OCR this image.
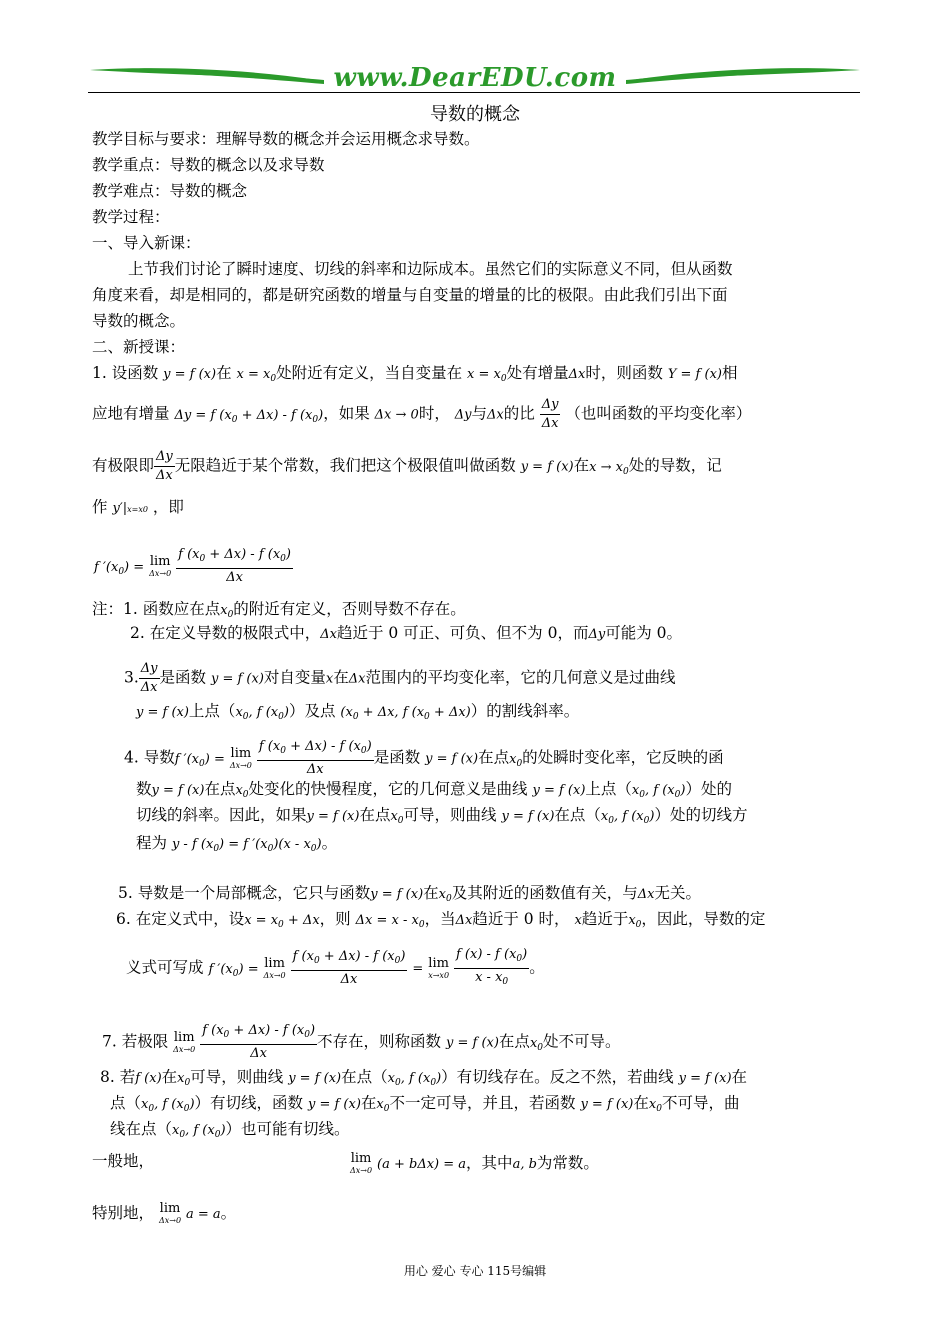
www.DearEDU.com
导数的概念
教学目标与要求：理解导数的概念并会运用概念求导数。
教学重点：导数的概念以及求导数
教学难点：导数的概念
教学过程：
一、导入新课：
上节我们讨论了瞬时速度、切线的斜率和边际成本。虽然它们的实际意义不同，但从函数
角度来看，却是相同的，都是研究函数的增量与自变量的增量的比的极限。由此我们引出下面
导数的概念。
二、新授课：
1. 设函数 y = f (x)在 $x = x_0$处附近有定义，当自变量在 $x = x_0$处有增量Δx时，则函数 Y = f (x)相
应地有增量 Δy = f $(x_0 + \Delta x) - f$ $(x_0)$，如果 Δx → 0时， Δy与Δx的比 $\frac{\Delta y}{\Delta x}$ （也叫函数的平均变化率）
有极限即 $\frac{\Delta y}{\Delta x}$ 无限趋近于某个常数，我们把这个极限值叫做函数 y = f (x)在$x \to x_0$处的导数，记
作 y′|x=x0 ，即
f $'(x_0) = \lim$
Δx→0
$\frac{f (x_0 + \Delta x) - f (x_0)}{\Delta x}$
注：1. 函数应在点$x_0$的附近有定义，否则导数不存在。
2. 在定义导数的极限式中，Δx趋近于 0 可正、可负、但不为 0，而Δy可能为 0。
3. $\frac{\Delta y}{\Delta x}$ 是函数 y = f (x)对自变量x在Δx范围内的平均变化率，它的几何意义是过曲线
y = f (x)上点（$x_0$, f $(x_0)$）及点 ($x_0 + \Delta x$, f $(x_0 + \Delta x)$）的割线斜率。
4. 导数f $'(x_0) = \lim$
Δx→0
$\frac{f (x_0 + \Delta x) - f (x_0)}{\Delta x}$ 是函数 y = f (x)在点$x_0$的处瞬时变化率，它反映的函
数y = f (x)在点$x_0$处变化的快慢程度，它的几何意义是曲线 y = f (x)上点（$x_0$, f $(x_0)$）处的
切线的斜率。因此，如果y = f (x)在点$x_0$可导，则曲线 y = f (x)在点（$x_0$, f $(x_0)$）处的切线方
程为 y - f $(x_0) = f$ $'(x_0)(x - x_0)$。
5. 导数是一个局部概念，它只与函数y = f (x)在$x_0$及其附近的函数值有关，与Δx无关。
6. 在定义式中，设$x = x_0 + \Delta x$，则 $\Delta x = x - x_0$，当Δx趋近于 0 时， x趋近于$x_0$，因此，导数的定
义式可写成 f $'(x_0) = \lim$
Δx→0
$\frac{f (x_0 + \Delta x) - f (x_0)}{\Delta x} = \lim$
x→x0
$\frac{f (x) - f (x_0)}{x - x_0}$ 。
7. 若极限 lim
Δx→0
$\frac{f (x_0 + \Delta x) - f (x_0)}{\Delta x}$ 不存在，则称函数 y = f (x)在点$x_0$处不可导。
8. 若f (x)在$x_0$可导，则曲线 y = f (x)在点（$x_0$, f $(x_0)$）有切线存在。反之不然，若曲线 y = f (x)在
点（$x_0$, f $(x_0)$）有切线，函数 y = f (x)在$x_0$不一定可导，并且，若函数 y = f (x)在$x_0$不可导，曲
线在点（$x_0$, f $(x_0)$）也可能有切线。
一般地，	lim
Δx→0 (a + bΔx) = a，其中a, b为常数。
特别地， lim
Δx→0 a = a。
用心 爱心 专心 115号编辑
